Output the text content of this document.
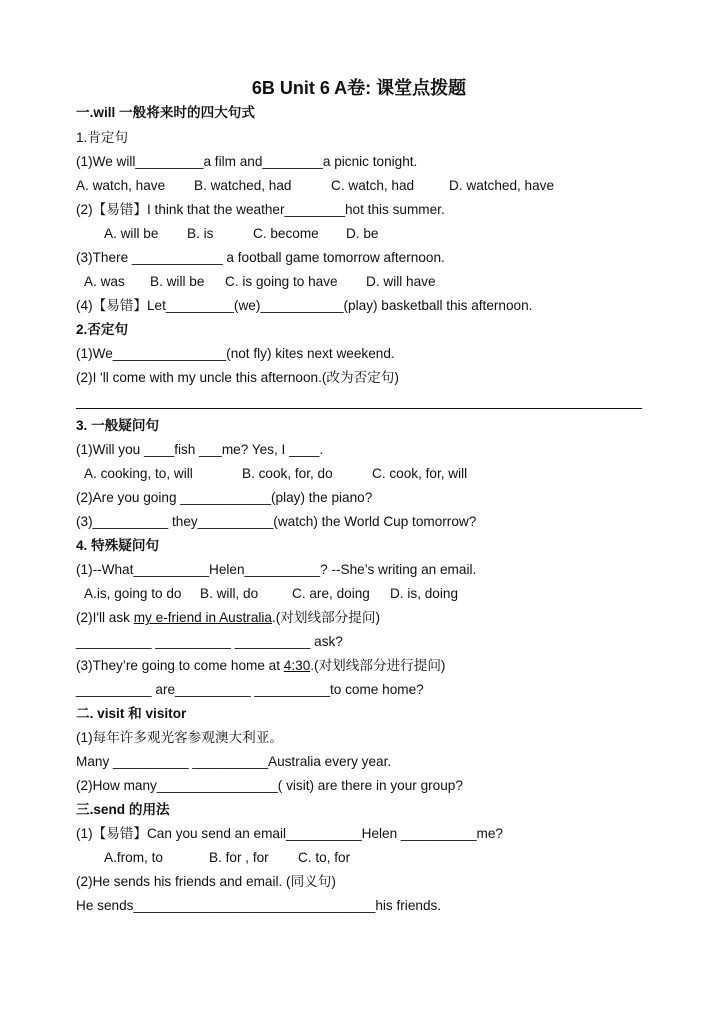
6B Unit 6 A卷: 课堂点拨题
一.will 一般将来时的四大句式
1.肯定句
(1)We will_________a film and________a picnic tonight.
A. watch, have B. watched, had	C. watch, had	D. watched, have
(2)【易错】I think that the weather________hot this summer.
A. will be B. is	C. become D. be
(3)There ____________ a football game tomorrow afternoon.
A. was B. will be C. is going to have D. will have
(4)【易错】Let_________(we)___________(play) basketball this afternoon.
2.否定句
(1)We_______________(not fly) kites next weekend.
(2)I 'll come with my uncle this afternoon.(改为否定句)
3. 一般疑问句
(1)Will you ____fish ___me? Yes, I ____.
A. cooking, to, will	B. cook, for, do	C. cook, for, will
(2)Are you going ____________(play) the piano?
(3)__________ they__________(watch) the World Cup tomorrow?
4. 特殊疑问句
(1)--What__________Helen__________? --She’s writing an email.
A.is, going to do B. will, do C. are, doing D. is, doing
(2)I'll ask my e-friend in Australia.(对划线部分提问)
__________ __________ __________ ask?
(3)They’re going to come home at 4:30.(对划线部分进行提问)
__________ are__________ __________to come home?
二. visit 和 visitor
(1)每年许多观光客参观澳大利亚。
Many __________ __________Australia every year.
(2)How many________________( visit) are there in your group?
三.send 的用法
(1)【易错】Can you send an email__________Helen __________me?
A.from, to	B. for , for C. to, for
(2)He sends his friends and email. (同义句)
He sends________________________________his friends.
